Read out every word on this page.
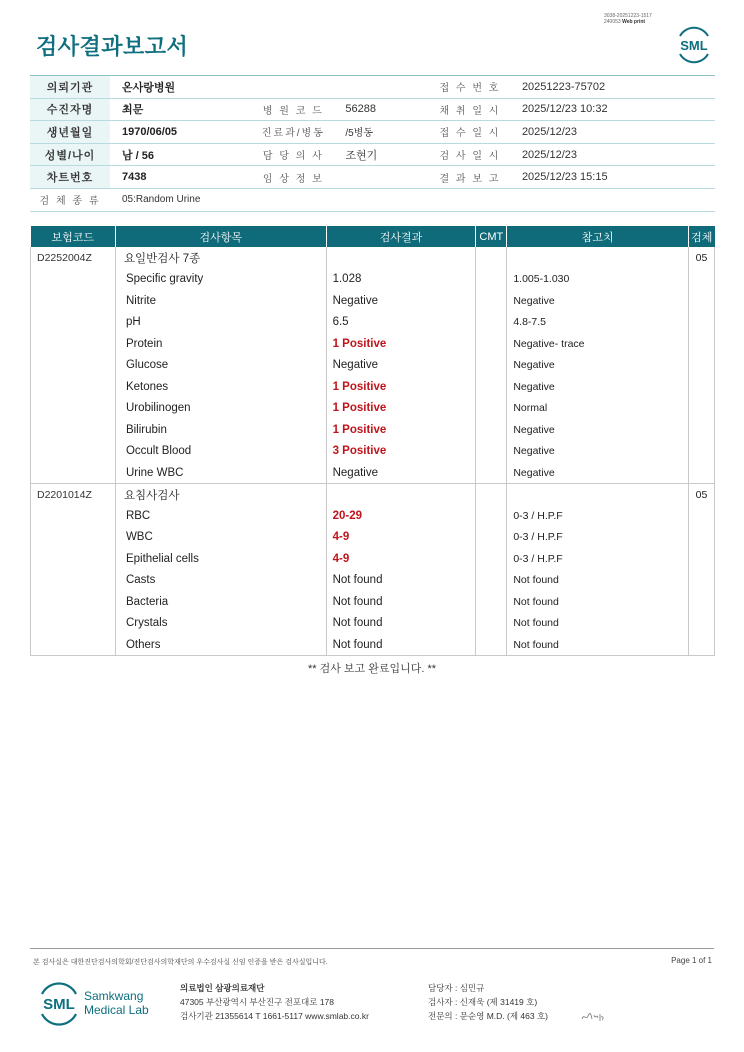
3038-20251223-1517
240053 Web print
검사결과보고서	SML
의뢰기관	온사랑병원			접 수 번 호	20251223-75702
수진자명	최문	병 원 코 드	56288	채 취 일 시	2025/12/23 10:32
생년월일	1970/06/05	진료과/병동	/5병동	접 수 일 시	2025/12/23
성별/나이	남 / 56	담 당 의 사	조현기	검 사 일 시	2025/12/23
차트번호	7438	임 상 정 보		결 과 보 고	2025/12/23 15:15
검 체 종 류	05:Random Urine				
보험코드	검사항목	검사결과	CMT	참고치	검체
D2252004Z	요일반검사 7종				05
	Specific gravity	1.028		1.005-1.030	
	Nitrite	Negative		Negative	
	pH	6.5		4.8-7.5	
	Protein	1 Positive		Negative- trace	
	Glucose	Negative		Negative	
	Ketones	1 Positive		Negative	
	Urobilinogen	1 Positive		Normal	
	Bilirubin	1 Positive		Negative	
	Occult Blood	3 Positive		Negative	
	Urine WBC	Negative		Negative	
D2201014Z	요침사검사				05
	RBC	20-29		0-3 / H.P.F	
	WBC	4-9		0-3 / H.P.F	
	Epithelial cells	4-9		0-3 / H.P.F	
	Casts	Not found		Not found	
	Bacteria	Not found		Not found	
	Crystals	Not found		Not found	
	Others	Not found		Not found	
** 검사 보고 완료입니다. **
본 검사실은 대한진단검사의학회/진단검사의학재단의 우수검사실 신임 인증을 받은 검사실입니다.	Page 1 of 1
SML Samkwang
Medical Lab
의료법인 삼광의료재단
47305 부산광역시 부산진구 전포대로 178
검사기관 21355614 T 1661-5117 www.smlab.co.kr
담당자 : 심민규
검사자 : 신재욱 (제 31419 호)
전문의 : 문순영 M.D. (제 463 호)
